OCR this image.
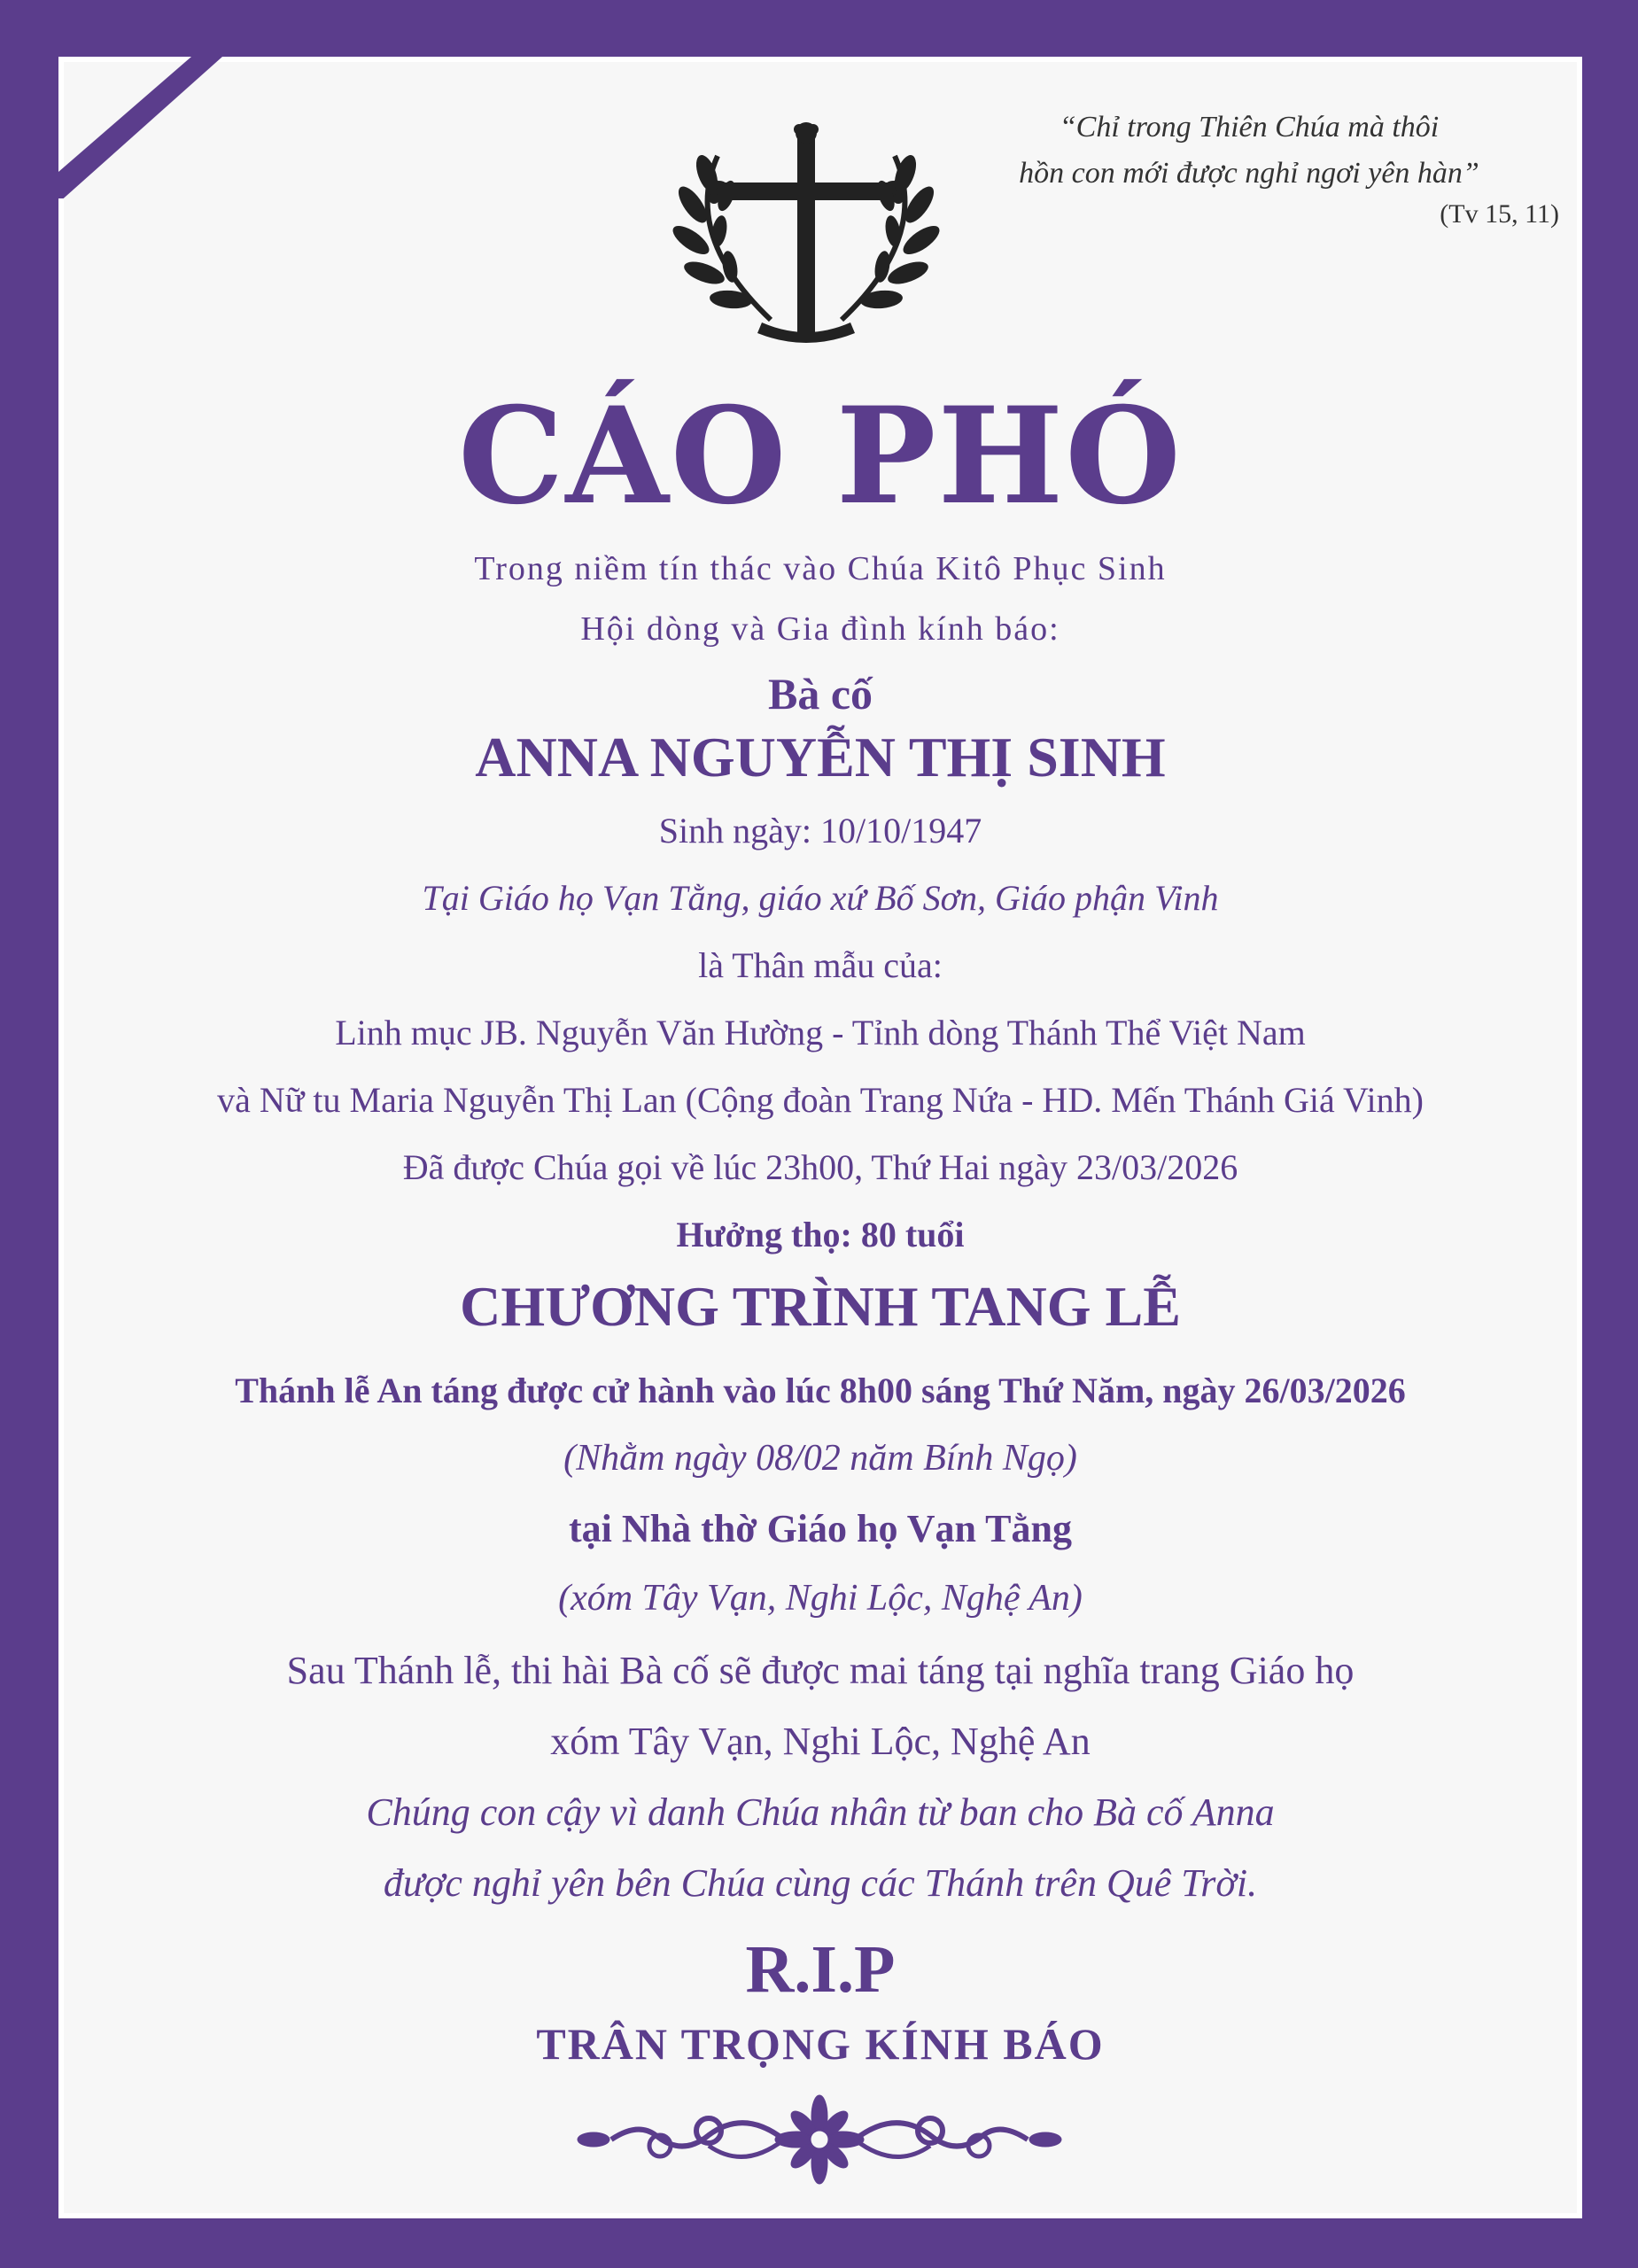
“Chỉ trong Thiên Chúa mà thôi
hồn con mới được nghỉ ngơi yên hàn”
(Tv 15, 11)
CÁO PHÓ
Trong niềm tín thác vào Chúa Kitô Phục Sinh
Hội dòng và Gia đình kính báo:
Bà cố
ANNA NGUYỄN THỊ SINH
Sinh ngày: 10/10/1947
Tại Giáo họ Vạn Tằng, giáo xứ Bố Sơn, Giáo phận Vinh
là Thân mẫu của:
Linh mục JB. Nguyễn Văn Hường - Tỉnh dòng Thánh Thể Việt Nam
và Nữ tu Maria Nguyễn Thị Lan (Cộng đoàn Trang Nứa - HD. Mến Thánh Giá Vinh)
Đã được Chúa gọi về lúc 23h00, Thứ Hai ngày 23/03/2026
Hưởng thọ: 80 tuổi
CHƯƠNG TRÌNH TANG LỄ
Thánh lễ An táng được cử hành vào lúc 8h00 sáng Thứ Năm, ngày 26/03/2026
(Nhằm ngày 08/02 năm Bính Ngọ)
tại Nhà thờ Giáo họ Vạn Tằng
(xóm Tây Vạn, Nghi Lộc, Nghệ An)
Sau Thánh lễ, thi hài Bà cố sẽ được mai táng tại nghĩa trang Giáo họ
xóm Tây Vạn, Nghi Lộc, Nghệ An
Chúng con cậy vì danh Chúa nhân từ ban cho Bà cố Anna
được nghỉ yên bên Chúa cùng các Thánh trên Quê Trời.
R.I.P
TRÂN TRỌNG KÍNH BÁO
